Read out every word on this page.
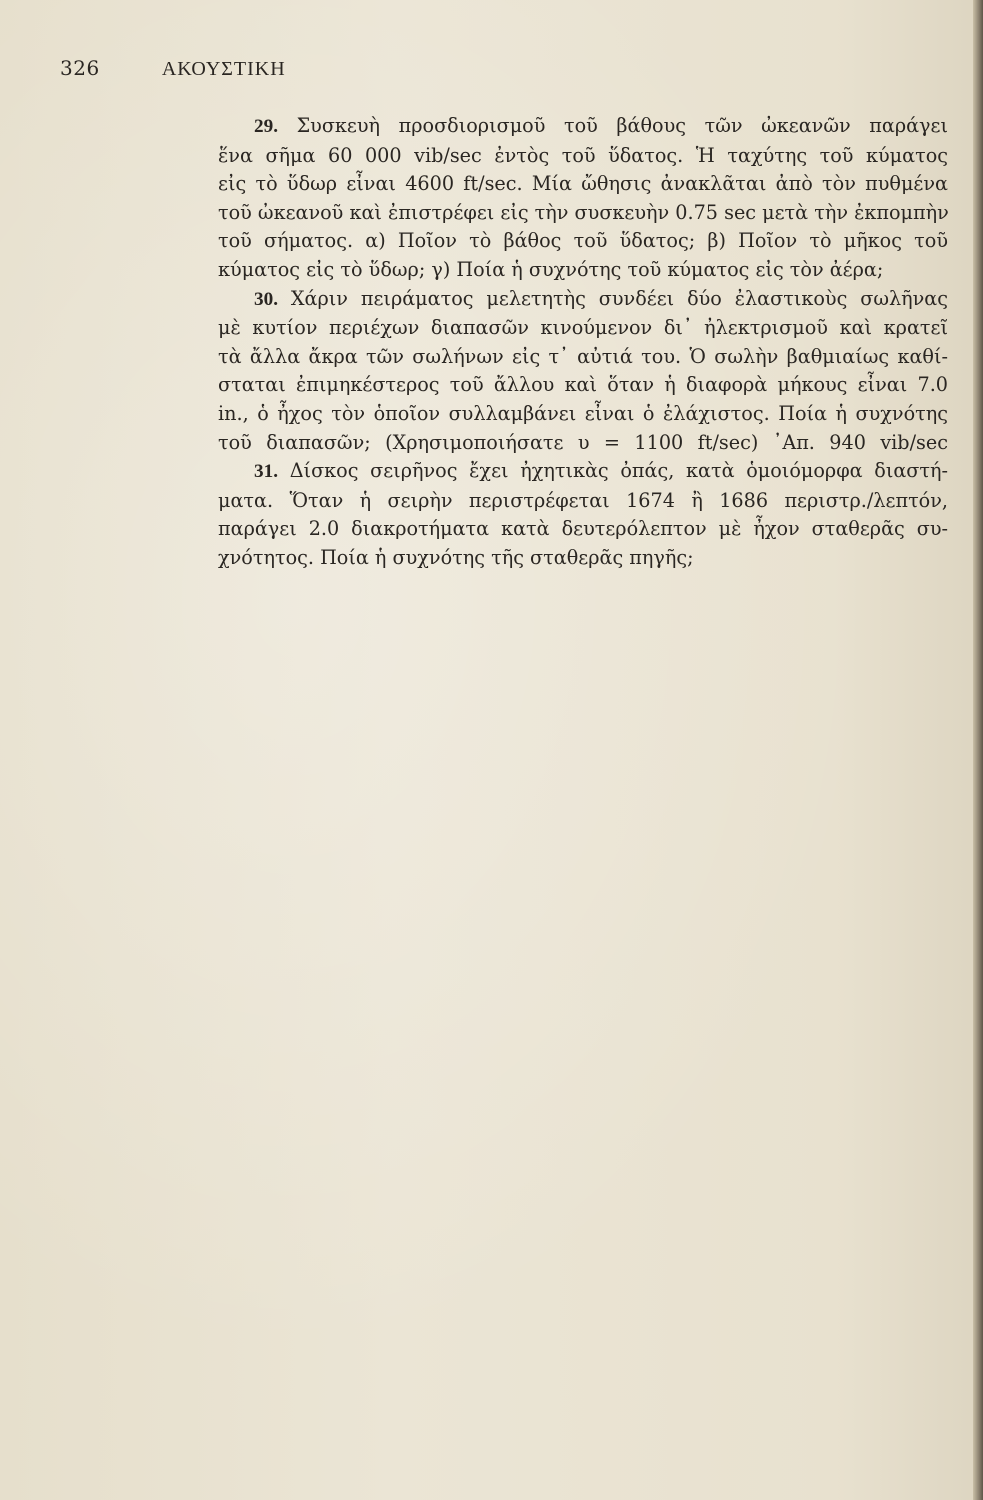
326	ΑΚΟΥΣΤΙΚΗ
29. Συσκευὴ προσδιορισμοῦ τοῦ βάθους τῶν ὠκεανῶν παράγει
ἕνα σῆμα 60 000 vib/sec ἐντὸς τοῦ ὕδατος. Ἡ ταχύτης τοῦ κύματος
εἰς τὸ ὕδωρ εἶναι 4600 ft/sec. Μία ὤθησις ἀνακλᾶται ἀπὸ τὸν πυθμένα
τοῦ ὠκεανοῦ καὶ ἐπιστρέφει εἰς τὴν συσκευὴν 0.75 sec μετὰ τὴν ἐκπομπὴν
τοῦ σήματος. α) Ποῖον τὸ βάθος τοῦ ὕδατος; β) Ποῖον τὸ μῆκος τοῦ
κύματος εἰς τὸ ὕδωρ; γ) Ποία ἡ συχνότης τοῦ κύματος εἰς τὸν ἀέρα;
30. Χάριν πειράματος μελετητὴς συνδέει δύο ἐλαστικοὺς σωλῆνας
μὲ κυτίον περιέχων διαπασῶν κινούμενον δι᾿ ἠλεκτρισμοῦ καὶ κρατεῖ
τὰ ἄλλα ἄκρα τῶν σωλήνων εἰς τ᾿ αὐτιά του. Ὁ σωλὴν βαθμιαίως καθί-
σταται ἐπιμηκέστερος τοῦ ἄλλου καὶ ὅταν ἡ διαφορὰ μήκους εἶναι 7.0
in., ὁ ἦχος τὸν ὁποῖον συλλαμβάνει εἶναι ὁ ἐλάχιστος. Ποία ἡ συχνότης
τοῦ διαπασῶν; (Χρησιμοποιήσατε υ = 1100 ft/sec) ᾿Απ. 940 vib/sec
31. Δίσκος σειρῆνος ἔχει ἠχητικὰς ὀπάς, κατὰ ὁμοιόμορφα διαστή-
ματα. Ὅταν ἡ σειρὴν περιστρέφεται 1674 ἢ 1686 περιστρ./λεπτόν,
παράγει 2.0 διακροτήματα κατὰ δευτερόλεπτον μὲ ἦχον σταθερᾶς συ-
χνότητος. Ποία ἡ συχνότης τῆς σταθερᾶς πηγῆς;
